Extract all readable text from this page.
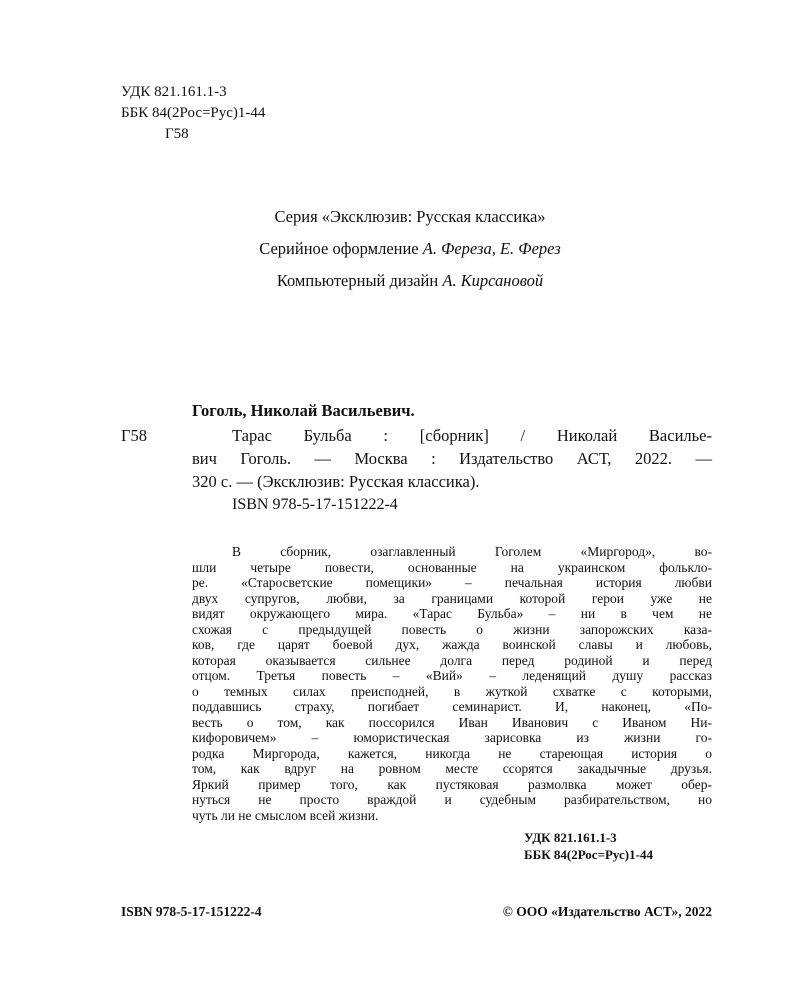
УДК 821.161.1-3
ББК 84(2Рос=Рус)1-44
Г58
Серия «Эксклюзив: Русская классика»
Серийное оформление А. Фереза, Е. Ферез
Компьютерный дизайн А. Кирсановой
Гоголь, Николай Васильевич.
Г58	Тарас Бульба : [сборник] / Николай Василье-
вич Гоголь. — Москва : Издательство АСТ, 2022. —
320 с. — (Эксклюзив: Русская классика).
ISBN 978-5-17-151222-4
В сборник, озаглавленный Гоголем «Миргород», во-
шли четыре повести, основанные на украинском фолькло-
ре. «Старосветские помещики» – печальная история любви
двух супругов, любви, за границами которой герои уже не
видят окружающего мира. «Тарас Бульба» – ни в чем не
схожая с предыдущей повесть о жизни запорожских каза-
ков, где царят боевой дух, жажда воинской славы и любовь,
которая оказывается сильнее долга перед родиной и перед
отцом. Третья повесть – «Вий» – леденящий душу рассказ
о темных силах преисподней, в жуткой схватке с которыми,
поддавшись страху, погибает семинарист. И, наконец, «По-
весть о том, как поссорился Иван Иванович с Иваном Ни-
кифоровичем» – юмористическая зарисовка из жизни го-
родка Миргорода, кажется, никогда не стареющая история о
том, как вдруг на ровном месте ссорятся закадычные друзья.
Яркий пример того, как пустяковая размолвка может обер-
нуться не просто враждой и судебным разбирательством, но
чуть ли не смыслом всей жизни.
УДК 821.161.1-3
ББК 84(2Рос=Рус)1-44
ISBN 978-5-17-151222-4	© ООО «Издательство АСТ», 2022
